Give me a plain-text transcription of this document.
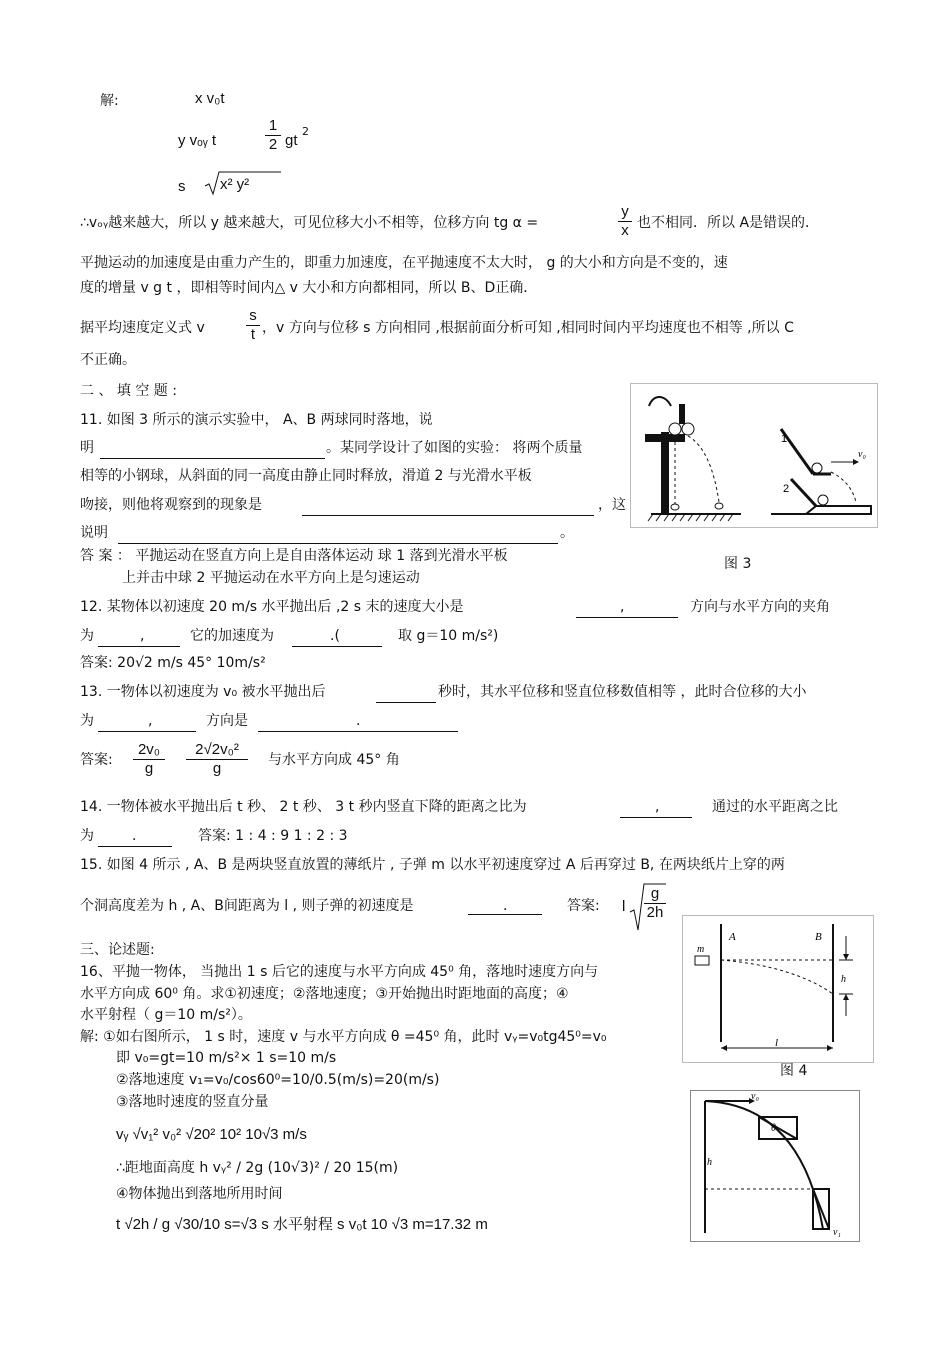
解:	x v₀t
y vₒᵧ t	$\frac{1}{2}$ gt
2
s x² y²
∴vₒᵧ越来越大，所以 y 越来越大，可见位移大小不相等，位移方向 tg α =	$\frac{y}{x}$ 也不相同．所以 A是错误的．
平抛运动的加速度是由重力产生的，即重力加速度，在平抛速度不太大时， g 的大小和方向是不变的，速
度的增量 v g t ，即相等时间内△ v 大小和方向都相同，所以 B、D正确．
据平均速度定义式 v	$\frac{s}{t}$ ，v 方向与位移 s 方向相同 ,根据前面分析可知 ,相同时间内平均速度也不相等 ,所以 C
不正确。
二 、 填 空 题 :
11. 如图 3 所示的演示实验中， A、B 两球同时落地，说
明	。某同学设计了如图的实验： 将两个质量
相等的小钢球，从斜面的同一高度由静止同时释放，滑道 2 与光滑水平板
吻接，则他将观察到的现象是	，这
说明	。
答 案 ： 平抛运动在竖直方向上是自由落体运动 球 1 落到光滑水平板
上并击中球 2 平抛运动在水平方向上是匀速运动
v₀
1
2
图 3
12. 某物体以初速度 20 m/s 水平抛出后 ,2 s 末的速度大小是	,	方向与水平方向的夹角
为	,	它的加速度为	.(	取 g＝10 m/s²)
答案: 20√2 m/s 45° 10m/s²
13. 一物体以初速度为 v₀ 被水平抛出后	秒时，其水平位移和竖直位移数值相等 ，此时合位移的大小
为	,	方向是	.
答案: $\frac{\text{2v₀}}{g} \frac{\text{2√2v₀²}}{g}$ 与水平方向成 45° 角
14. 一物体被水平抛出后 t 秒、 2 t 秒、 3 t 秒内竖直下降的距离之比为	,	通过的水平距离之比
为	.	答案: 1 : 4 : 9 1 : 2 : 3
15. 如图 4 所示 , A、B 是两块竖直放置的薄纸片 , 子弹 m 以水平初速度穿过 A 后再穿过 B, 在两块纸片上穿的两
个洞高度差为 h , A、B间距离为 l , 则子弹的初速度是	.	答案: l $\frac{g}{2h}$
m
A	B
h
l
图 4
三、论述题:
16、平抛一物体， 当抛出 1 s 后它的速度与水平方向成 45⁰ 角，落地时速度方向与
水平方向成 60⁰ 角。求①初速度；②落地速度；③开始抛出时距地面的高度；④
水平射程（ g＝10 m/s²）。
解: ①如右图所示， 1 s 时，速度 v 与水平方向成 θ =45⁰ 角，此时 vᵧ=v₀tg45⁰=v₀
即 v₀=gt=10 m/s²× 1 s=10 m/s
②落地速度 v₁=v₀/cos60⁰=10/0.5(m/s)=20(m/s)
③落地时速度的竖直分量
vᵧ √v₁² v₀² √20² 10² 10√3 m/s
∴距地面高度 h vᵧ² / 2g (10√3)² / 20 15(m)
④物体抛出到落地所用时间
t √2h / g √30/10 s=√3 s 水平射程 s v₀t 10 √3 m=17.32 m
v₀
h
θ
v₁
